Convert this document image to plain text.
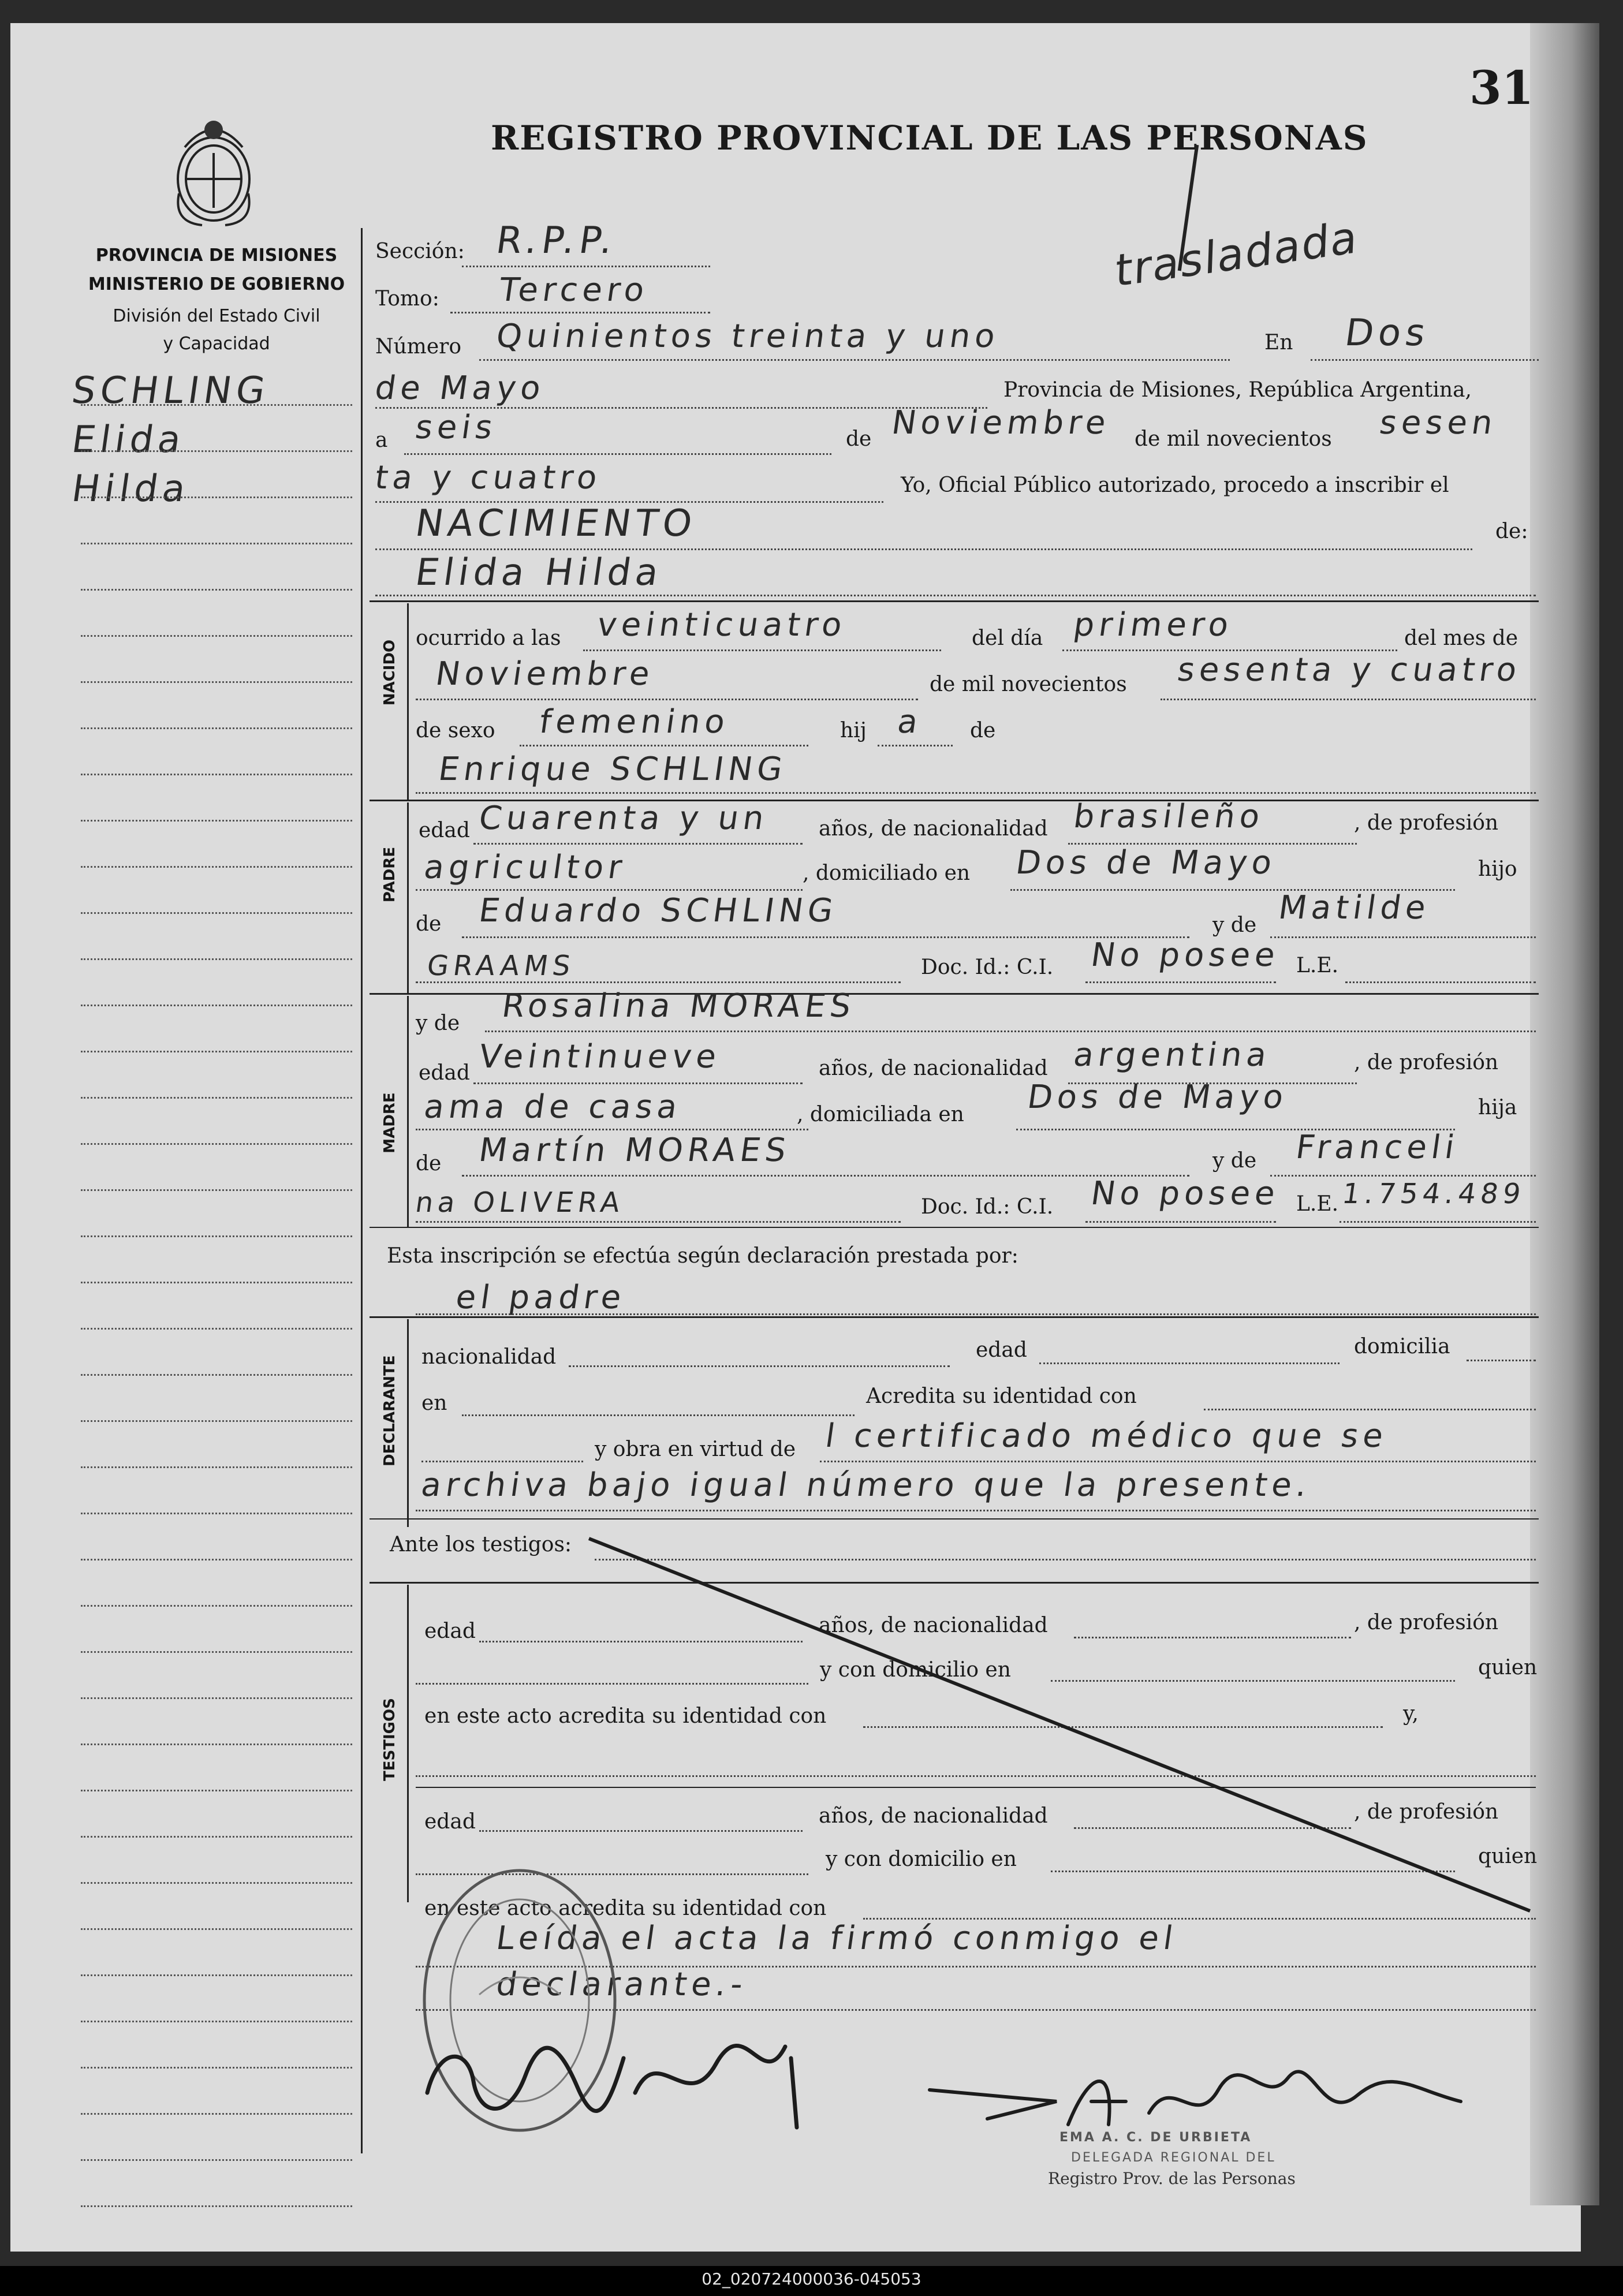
31
REGISTRO PROVINCIAL DE LAS PERSONAS
PROVINCIA DE MISIONES
MINISTERIO DE GOBIERNO
División del Estado Civil
y Capacidad
SCHLING
Elida
Hilda
trasladada
Sección: R.P.P.
Tomo: Tercero
Número Quinientos treinta y uno	En Dos
de Mayo	Provincia de Misiones, República Argentina,
a seis	de Noviembre de mil novecientos sesen
ta y cuatro	Yo, Oficial Público autorizado, procedo a inscribir el
NACIMIENTO	de:
Elida Hilda
NACIDO
ocurrido a las veinticuatro	del día primero	del mes de
Noviembre	de mil novecientos sesenta y cuatro
de sexo femenino	hij a de
Enrique SCHLING
PADRE
edad Cuarenta y un años, de nacionalidad brasileño	, de profesión
agricultor	, domiciliado en Dos de Mayo	hijo
de Eduardo SCHLING	y de Matilde
GRAAMS	Doc. Id.: C.I. No posee L.E.
MADRE
y de Rosalina MORAES
edad Veintinueve	años, de nacionalidad argentina	, de profesión
ama de casa	, domiciliada en Dos de Mayo	hija
de Martín MORAES	y de Franceli
na OLIVERA	Doc. Id.: C.I. No posee L.E. 1.754.489
Esta inscripción se efectúa según declaración prestada por:
el padre
DECLARANTE nacionalidad	edad	domicilia
en	Acredita su identidad con
y obra en virtud de l certificado médico que se
archiva bajo igual número que la presente.
Ante los testigos:
TESTIGOS
edad	años, de nacionalidad	, de profesión
y con domicilio en	quien
en este acto acredita su identidad con	y,
edad	años, de nacionalidad	, de profesión
y con domicilio en	quien
en este acto acredita su identidad con
Leída el acta la firmó conmigo el
declarante.-
EMA A. C. DE URBIETA
DELEGADA REGIONAL DEL
Registro Prov. de las Personas
02_020724000036-045053
